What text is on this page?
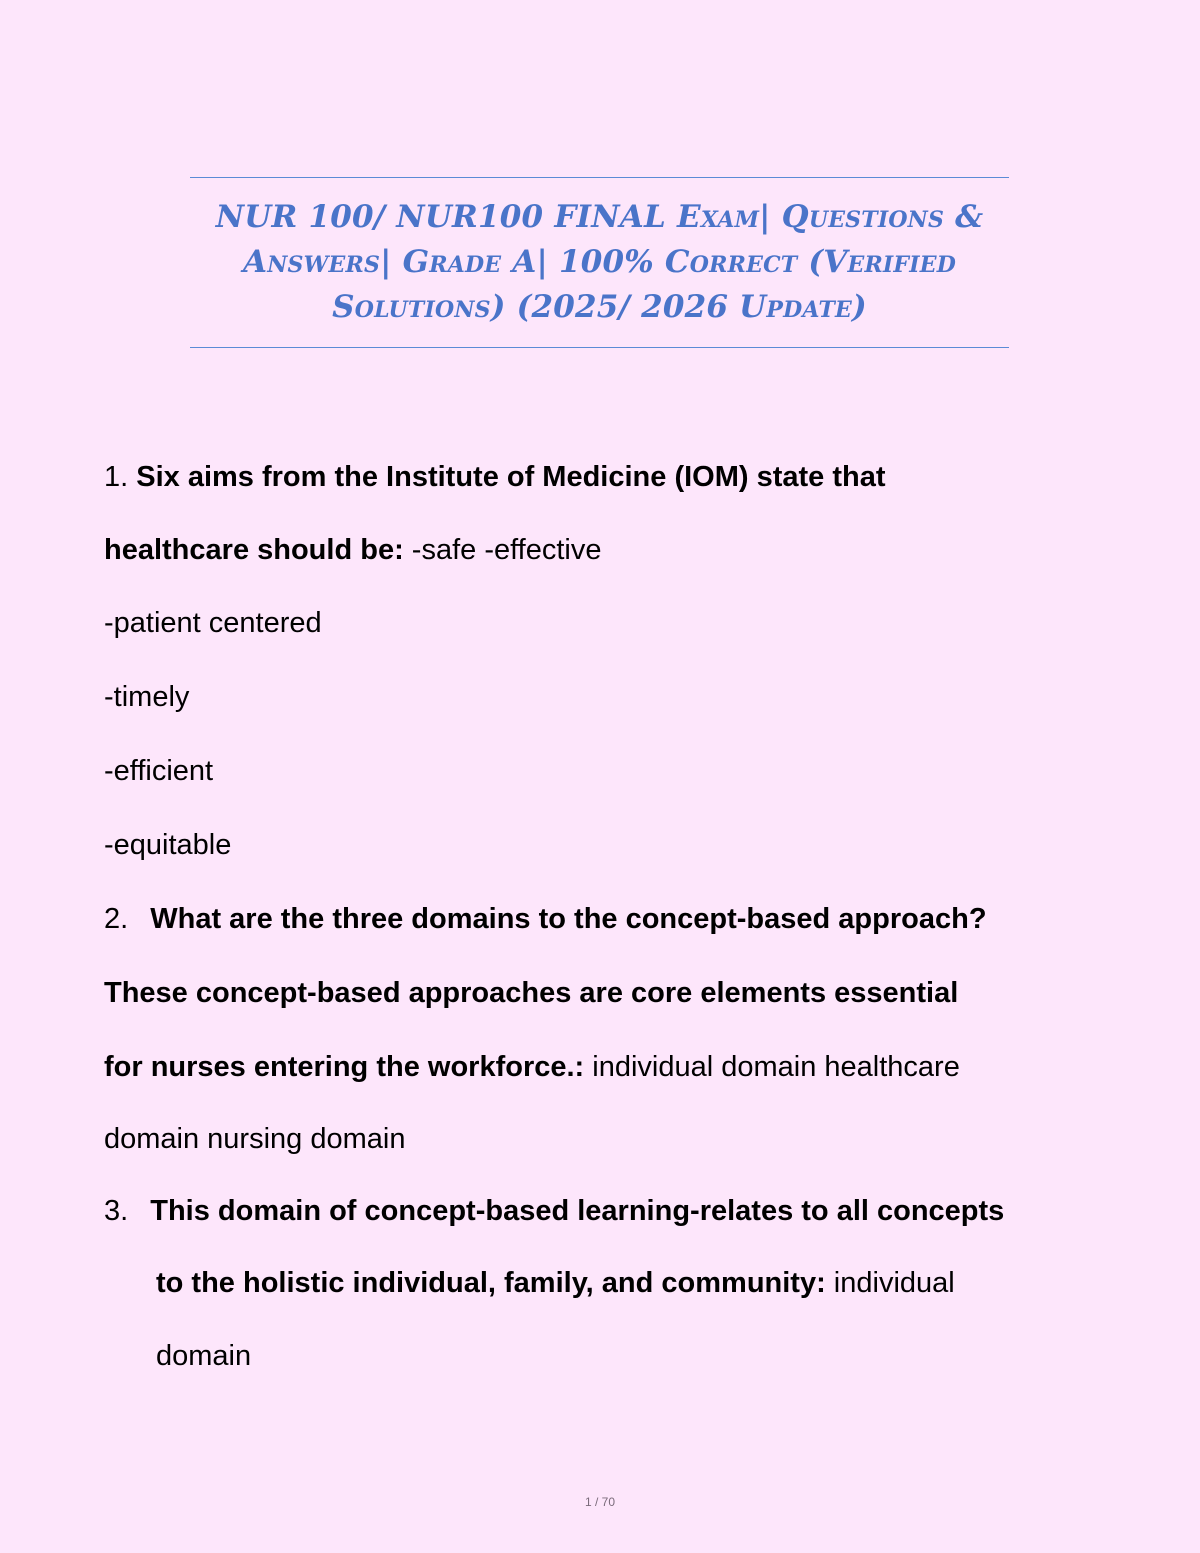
NUR 100/ NUR100 FINAL Exam| Questions &
Answers| Grade A| 100% Correct (Verified
Solutions) (2025/ 2026 Update)
1. Six aims from the Institute of Medicine (IOM) state that
healthcare should be: -safe -effective
-patient centered
-timely
-efficient
-equitable
2. What are the three domains to the concept-based approach?
These concept-based approaches are core elements essential
for nurses entering the workforce.: individual domain healthcare
domain nursing domain
3. This domain of concept-based learning-relates to all concepts
to the holistic individual, family, and community: individual
domain
1 / 70
